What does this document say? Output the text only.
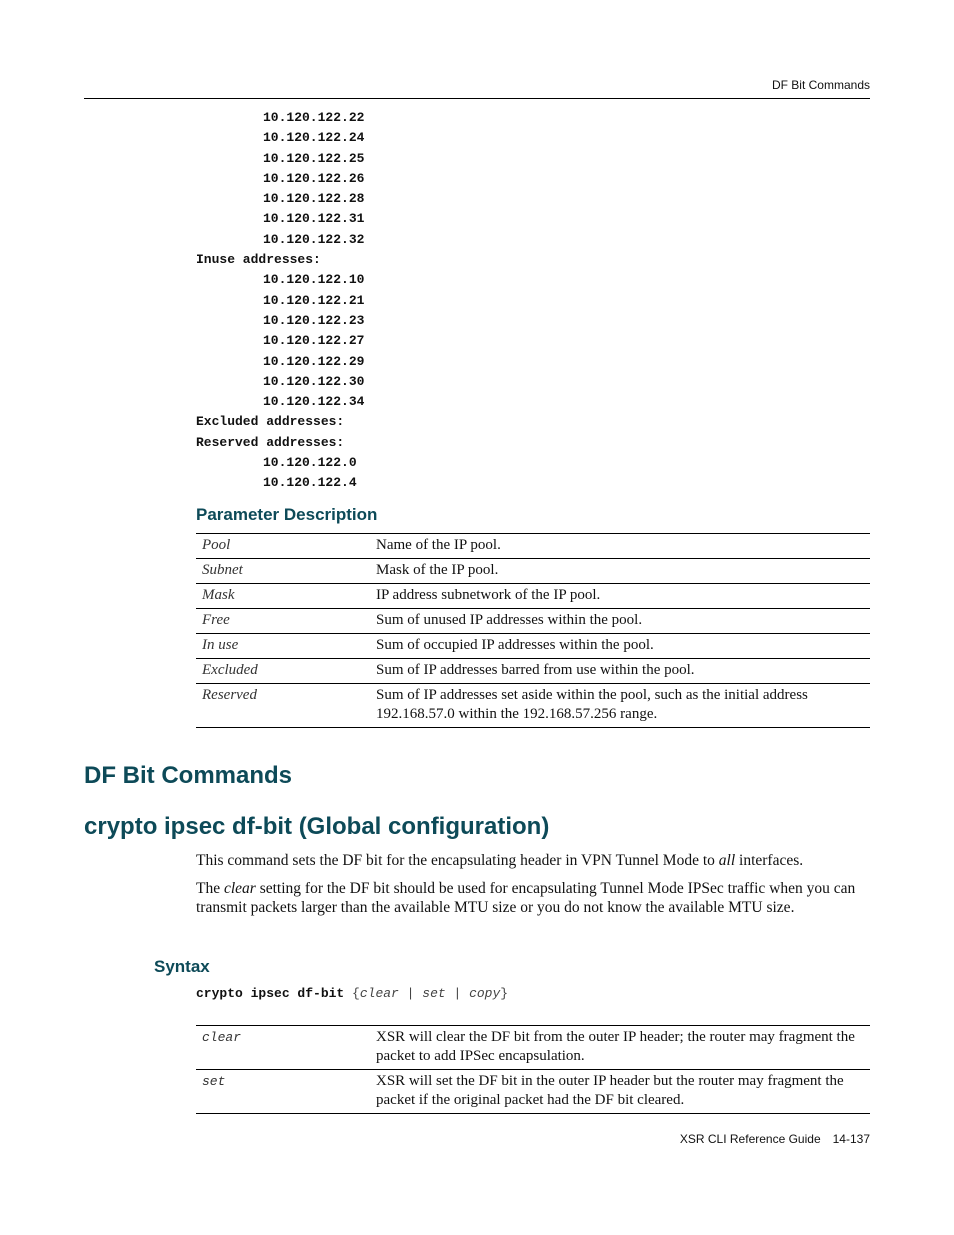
DF Bit Commands
10.120.122.22
10.120.122.24
10.120.122.25
10.120.122.26
10.120.122.28
10.120.122.31
10.120.122.32
Inuse addresses:
10.120.122.10
10.120.122.21
10.120.122.23
10.120.122.27
10.120.122.29
10.120.122.30
10.120.122.34
Excluded addresses:
Reserved addresses:
10.120.122.0
10.120.122.4
Parameter Description
Pool	Name of the IP pool.
Subnet	Mask of the IP pool.
Mask	IP address subnetwork of the IP pool.
Free	Sum of unused IP addresses within the pool.
In use	Sum of occupied IP addresses within the pool.
Excluded	Sum of IP addresses barred from use within the pool.
Reserved	Sum of IP addresses set aside within the pool, such as the initial address 192.168.57.0 within the 192.168.57.256 range.
DF Bit Commands
crypto ipsec df-bit (Global configuration)

This command sets the DF bit for the encapsulating header in VPN Tunnel Mode to all interfaces.

The clear setting for the DF bit should be used for encapsulating Tunnel Mode IPSec traffic when you can transmit packets larger than the available MTU size or you do not know the available MTU size.

Syntax
crypto ipsec df-bit {clear | set | copy}
clear	XSR will clear the DF bit from the outer IP header; the router may fragment the packet to add IPSec encapsulation.
set	XSR will set the DF bit in the outer IP header but the router may fragment the packet if the original packet had the DF bit cleared.
XSR CLI Reference Guide 14-137
